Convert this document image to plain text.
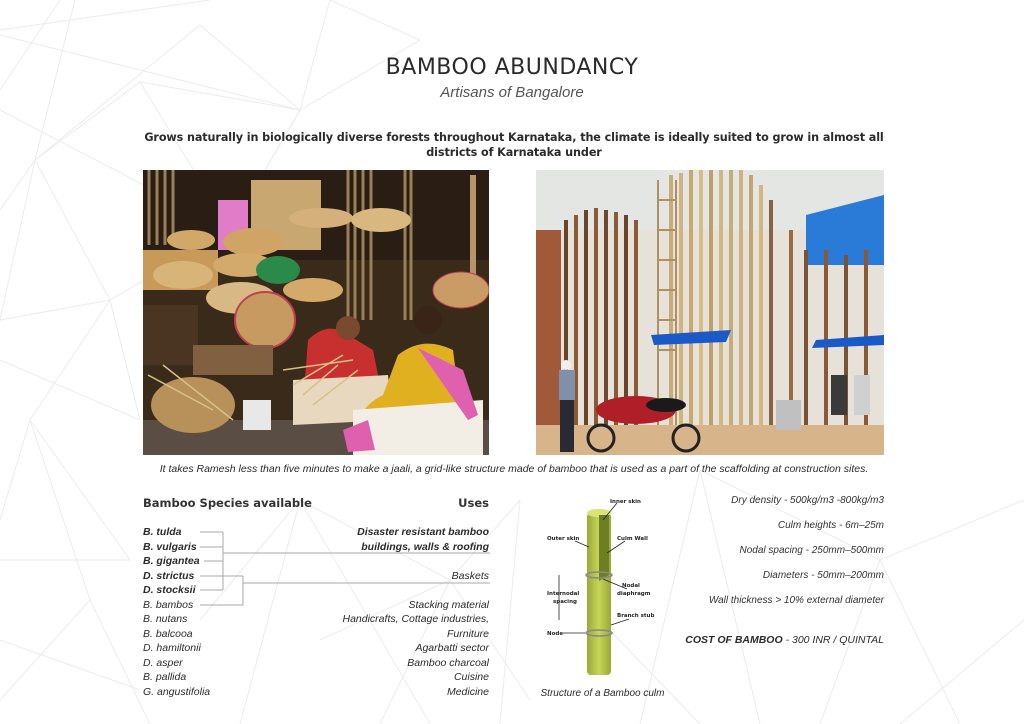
BAMBOO ABUNDANCY
Artisans of Bangalore

Grows naturally in biologically diverse forests throughout Karnataka, the climate is ideally suited to grow in almost all districts of Karnataka under

It takes Ramesh less than five minutes to make a jaali, a grid-like structure made of bamboo that is used as a part of the scaffolding at construction sites.

Bamboo Species available	Uses
B. tulda
B. vulgaris
B. gigantea
D. strictus
D. stocksii
B. bambos
B. nutans
B. balcooa
D. hamiltonii
D. asper
B. pallida
G. angustifolia
Disaster resistant bamboo
buildings, walls & roofing
Baskets
Stacking material
Handicrafts, Cottage industries,
Furniture
Agarbatti sector
Bamboo charcoal
Cuisine
Medicine
Inner skin
Outer skin	Culm Wall
Nodal
diaphragm
Internodal
spacing
Branch stub
Node
Structure of a Bamboo culm
Dry density - 500kg/m3 -800kg/m3
Culm heights - 6m–25m
Nodal spacing - 250mm–500mm
Diameters - 50mm–200mm
Wall thickness > 10% external diameter
COST OF BAMBOO - 300 INR / QUINTAL
